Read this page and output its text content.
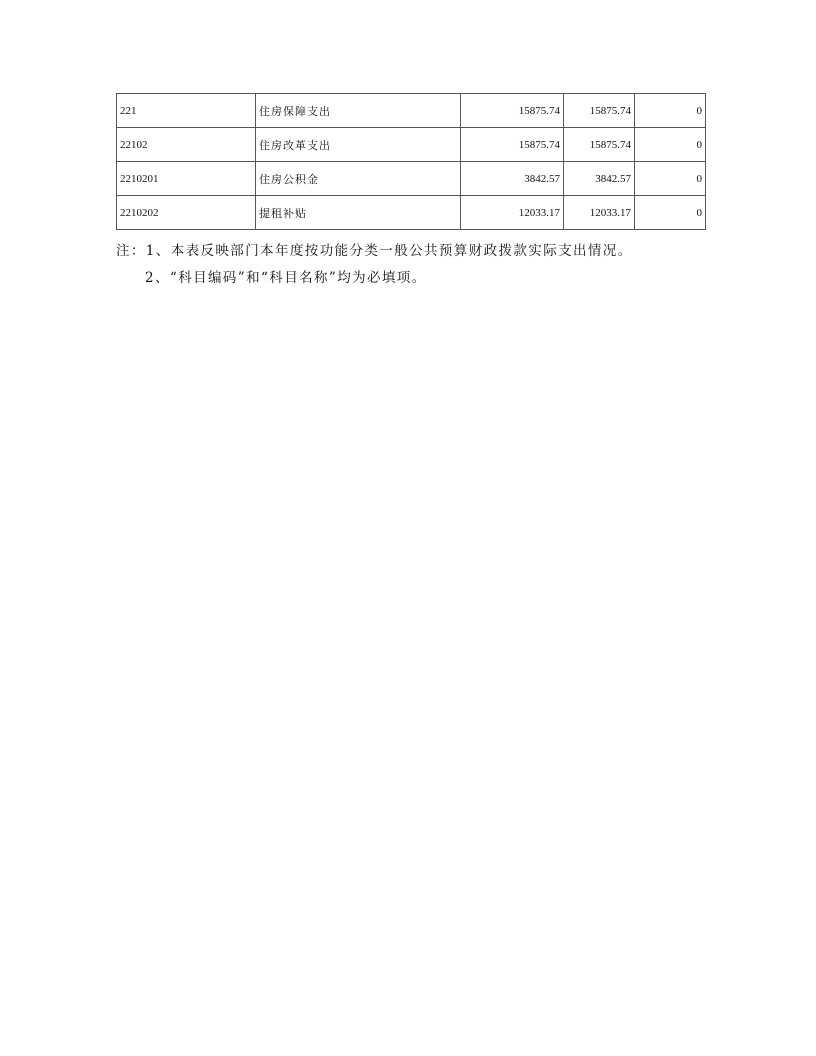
221	住房保障支出	15875.74	15875.74	0
22102	住房改革支出	15875.74	15875.74	0
2210201	住房公积金	3842.57	3842.57	0
2210202	提租补贴	12033.17	12033.17	0
注：1、本表反映部门本年度按功能分类一般公共预算财政拨款实际支出情况。
2、“科目编码”和“科目名称”均为必填项。
